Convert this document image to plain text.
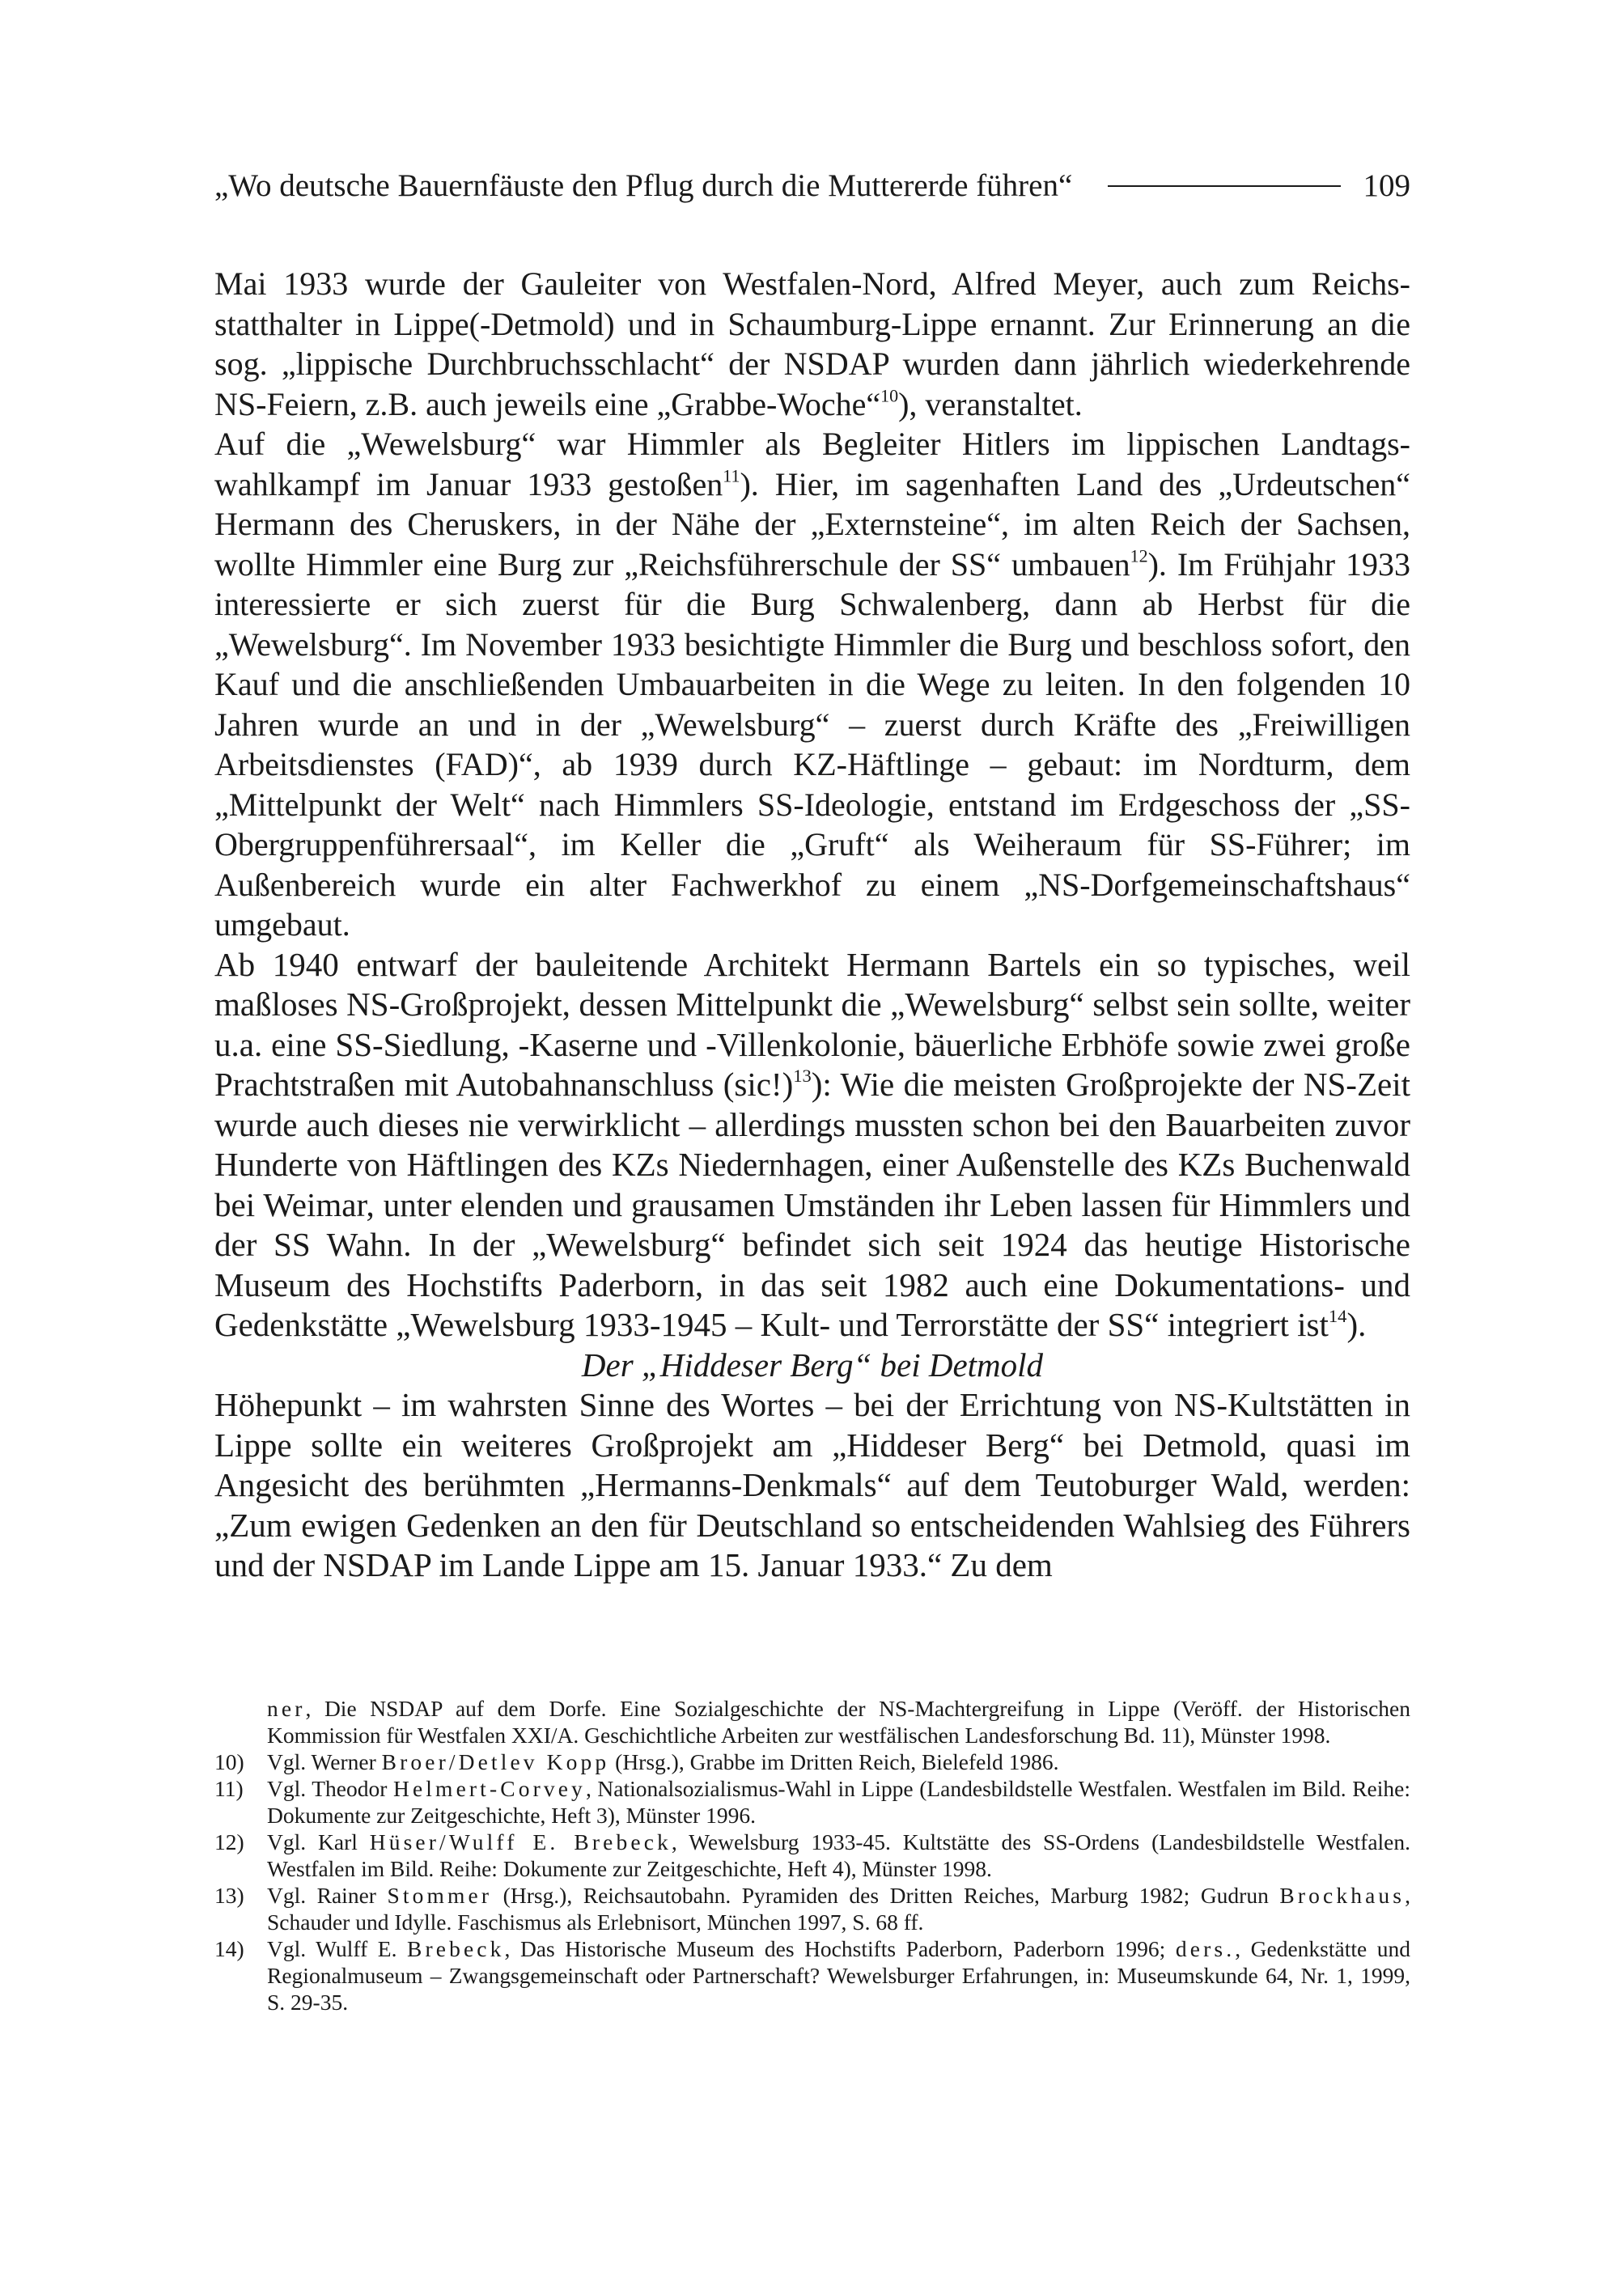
„Wo deutsche Bauernfäuste den Pflug durch die Muttererde führen“	109

Mai 1933 wurde der Gauleiter von Westfalen-Nord, Alfred Meyer, auch zum Reichsstatthalter in Lippe(-Detmold) und in Schaumburg-Lippe ernannt. Zur Erinnerung an die sog. „lippische Durchbruchsschlacht“ der NSDAP wurden dann jährlich wiederkehrende NS-Feiern, z.B. auch jeweils eine „Grabbe-Woche“$^{10}$), veranstaltet.

Auf die „Wewelsburg“ war Himmler als Begleiter Hitlers im lippischen Landtagswahlkampf im Januar 1933 gestoßen$^{11}$). Hier, im sagenhaften Land des „Urdeutschen“ Hermann des Cheruskers, in der Nähe der „Externsteine“, im alten Reich der Sachsen, wollte Himmler eine Burg zur „Reichsführerschule der SS“ umbauen$^{12}$). Im Frühjahr 1933 interessierte er sich zuerst für die Burg Schwalenberg, dann ab Herbst für die „Wewelsburg“. Im November 1933 besichtigte Himmler die Burg und beschloss sofort, den Kauf und die anschließenden Umbauarbeiten in die Wege zu leiten. In den folgenden 10 Jahren wurde an und in der „Wewelsburg“ – zuerst durch Kräfte des „Freiwilligen Arbeitsdienstes (FAD)“, ab 1939 durch KZ-Häftlinge – gebaut: im Nordturm, dem „Mittelpunkt der Welt“ nach Himmlers SS-Ideologie, entstand im Erdgeschoss der „SS-Obergruppenführersaal“, im Keller die „Gruft“ als Weiheraum für SS-Führer; im Außenbereich wurde ein alter Fachwerkhof zu einem „NS-Dorfgemeinschaftshaus“ umgebaut.

Ab 1940 entwarf der bauleitende Architekt Hermann Bartels ein so typisches, weil maßloses NS-Großprojekt, dessen Mittelpunkt die „Wewelsburg“ selbst sein sollte, weiter u.a. eine SS-Siedlung, -Kaserne und -Villenkolonie, bäuerliche Erbhöfe sowie zwei große Prachtstraßen mit Autobahnanschluss $(sic!)^{13}$): Wie die meisten Großprojekte der NS-Zeit wurde auch dieses nie verwirklicht – allerdings mussten schon bei den Bauarbeiten zuvor Hunderte von Häftlingen des KZs Niedernhagen, einer Außenstelle des KZs Buchenwald bei Weimar, unter elenden und grausamen Umständen ihr Leben lassen für Himmlers und der SS Wahn. In der „Wewelsburg“ befindet sich seit 1924 das heutige Historische Museum des Hochstifts Paderborn, in das seit 1982 auch eine Dokumentations- und Gedenkstätte „Wewelsburg 1933-1945 – Kult- und Terrorstätte der SS“ integriert ist$^{14}$).

Der „Hiddeser Berg“ bei Detmold

Höhepunkt – im wahrsten Sinne des Wortes – bei der Errichtung von NS-Kultstätten in Lippe sollte ein weiteres Großprojekt am „Hiddeser Berg“ bei Detmold, quasi im Angesicht des berühmten „Hermanns-Denkmals“ auf dem Teutoburger Wald, werden: „Zum ewigen Gedenken an den für Deutschland so entscheidenden Wahlsieg des Führers und der NSDAP im Lande Lippe am 15. Januar 1933.“ Zu dem

ner, Die NSDAP auf dem Dorfe. Eine Sozialgeschichte der NS-Machtergreifung in Lippe (Veröff. der Historischen Kommission für Westfalen XXI/A. Geschichtliche Arbeiten zur westfälischen Landesforschung Bd. 11), Münster 1998.

10)	Vgl. Werner Broer/Detlev Kopp (Hrsg.), Grabbe im Dritten Reich, Bielefeld 1986.

11)	Vgl. Theodor Helmert-Corvey, Nationalsozialismus-Wahl in Lippe (Landesbildstelle Westfalen. Westfalen im Bild. Reihe: Dokumente zur Zeitgeschichte, Heft 3), Münster 1996.

12)	Vgl. Karl Hüser/Wulff E. Brebeck, Wewelsburg 1933-45. Kultstätte des SS-Ordens (Landesbildstelle Westfalen. Westfalen im Bild. Reihe: Dokumente zur Zeitgeschichte, Heft 4), Münster 1998.

13)	Vgl. Rainer Stommer (Hrsg.), Reichsautobahn. Pyramiden des Dritten Reiches, Marburg 1982; Gudrun Brockhaus, Schauder und Idylle. Faschismus als Erlebnisort, München 1997, S. 68 ff.

14)	Vgl. Wulff E. Brebeck, Das Historische Museum des Hochstifts Paderborn, Paderborn 1996; ders., Gedenkstätte und Regionalmuseum – Zwangsgemeinschaft oder Partnerschaft? Wewelsburger Erfahrungen, in: Museumskunde 64, Nr. 1, 1999, S. 29-35.
